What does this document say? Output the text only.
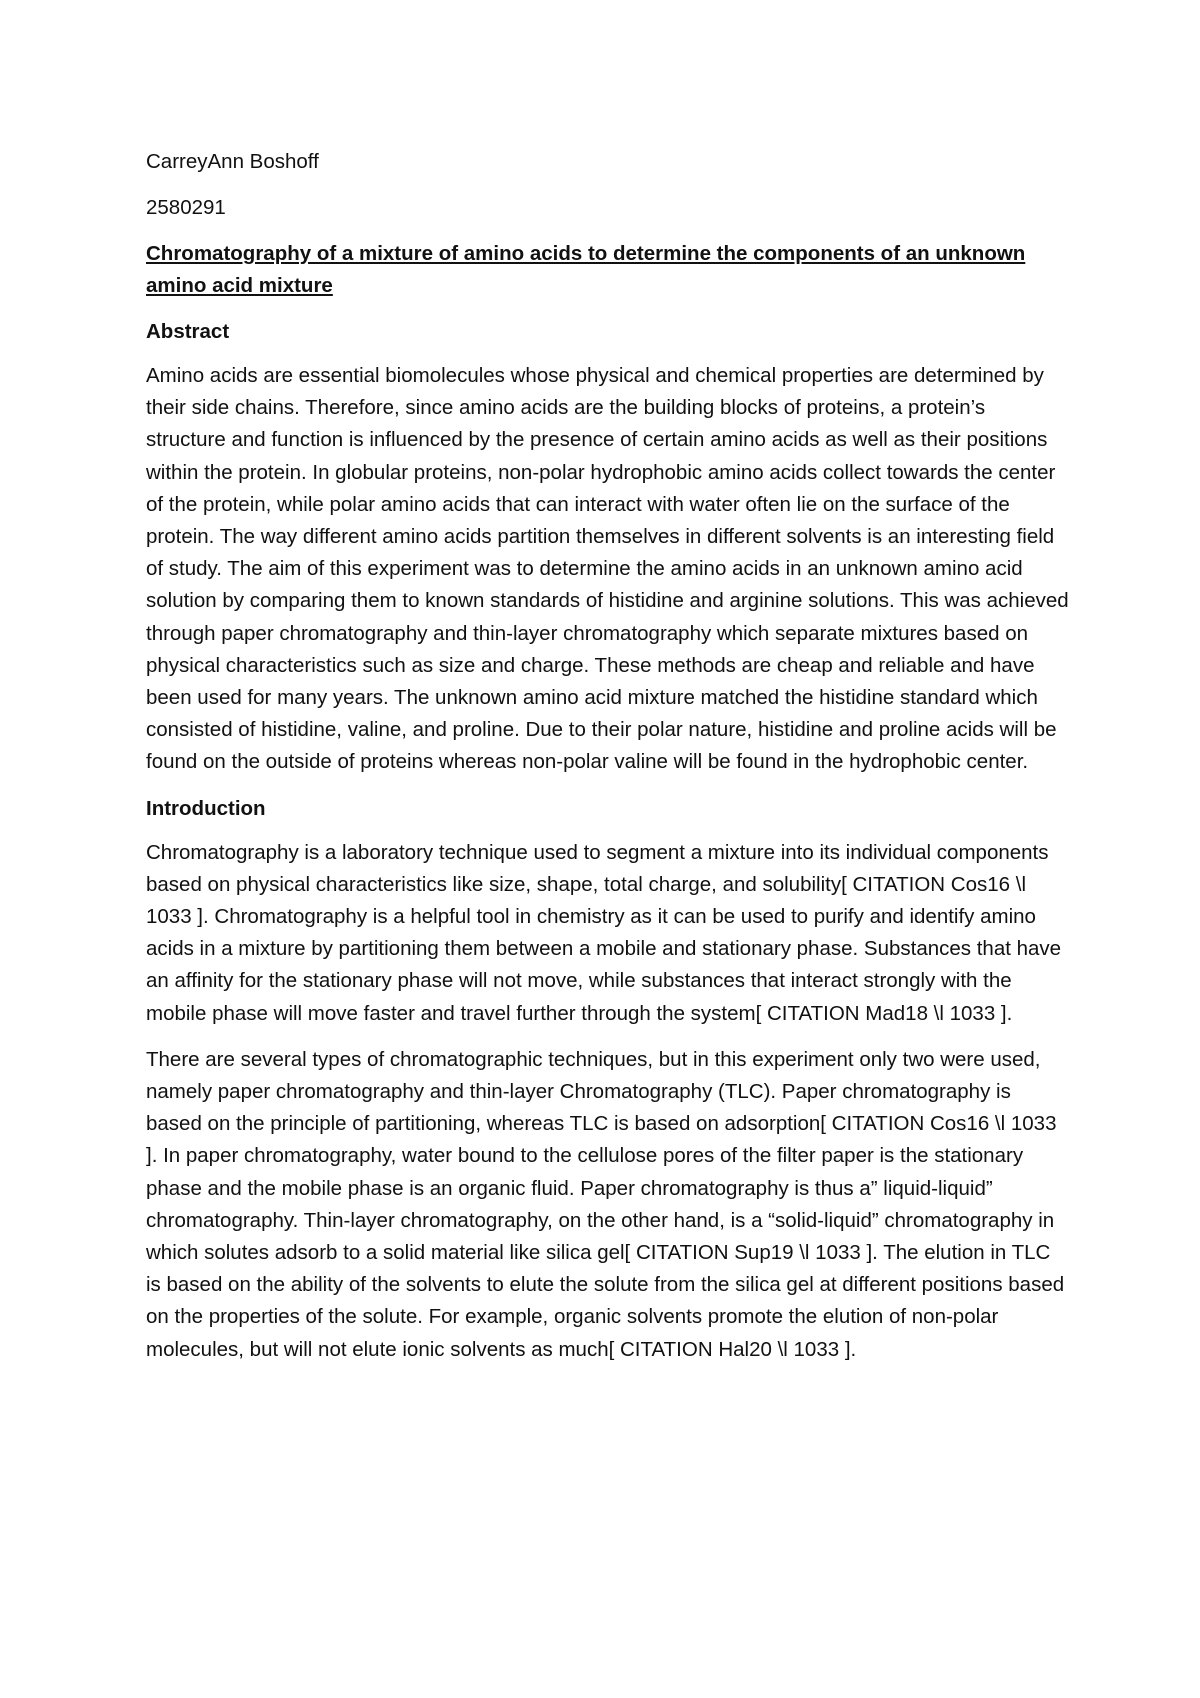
CarreyAnn Boshoff

2580291

Chromatography of a mixture of amino acids to determine the components of an unknown amino acid mixture

Abstract

Amino acids are essential biomolecules whose physical and chemical properties are determined by their side chains. Therefore, since amino acids are the building blocks of proteins, a protein’s structure and function is influenced by the presence of certain amino acids as well as their positions within the protein. In globular proteins, non-polar hydrophobic amino acids collect towards the center of the protein, while polar amino acids that can interact with water often lie on the surface of the protein. The way different amino acids partition themselves in different solvents is an interesting field of study. The aim of this experiment was to determine the amino acids in an unknown amino acid solution by comparing them to known standards of histidine and arginine solutions. This was achieved through paper chromatography and thin-layer chromatography which separate mixtures based on physical characteristics such as size and charge. These methods are cheap and reliable and have been used for many years. The unknown amino acid mixture matched the histidine standard which consisted of histidine, valine, and proline. Due to their polar nature, histidine and proline acids will be found on the outside of proteins whereas non-polar valine will be found in the hydrophobic center.

Introduction

Chromatography is a laboratory technique used to segment a mixture into its individual components based on physical characteristics like size, shape, total charge, and solubility[ CITATION Cos16 \l 1033 ]. Chromatography is a helpful tool in chemistry as it can be used to purify and identify amino acids in a mixture by partitioning them between a mobile and stationary phase. Substances that have an affinity for the stationary phase will not move, while substances that interact strongly with the mobile phase will move faster and travel further through the system[ CITATION Mad18 \l 1033 ].

There are several types of chromatographic techniques, but in this experiment only two were used, namely paper chromatography and thin-layer Chromatography (TLC). Paper chromatography is based on the principle of partitioning, whereas TLC is based on adsorption[ CITATION Cos16 \l 1033 ]. In paper chromatography, water bound to the cellulose pores of the filter paper is the stationary phase and the mobile phase is an organic fluid. Paper chromatography is thus a” liquid-liquid” chromatography. Thin-layer chromatography, on the other hand, is a “solid-liquid” chromatography in which solutes adsorb to a solid material like silica gel[ CITATION Sup19 \l 1033 ]. The elution in TLC is based on the ability of the solvents to elute the solute from the silica gel at different positions based on the properties of the solute. For example, organic solvents promote the elution of non-polar molecules, but will not elute ionic solvents as much[ CITATION Hal20 \l 1033 ].
